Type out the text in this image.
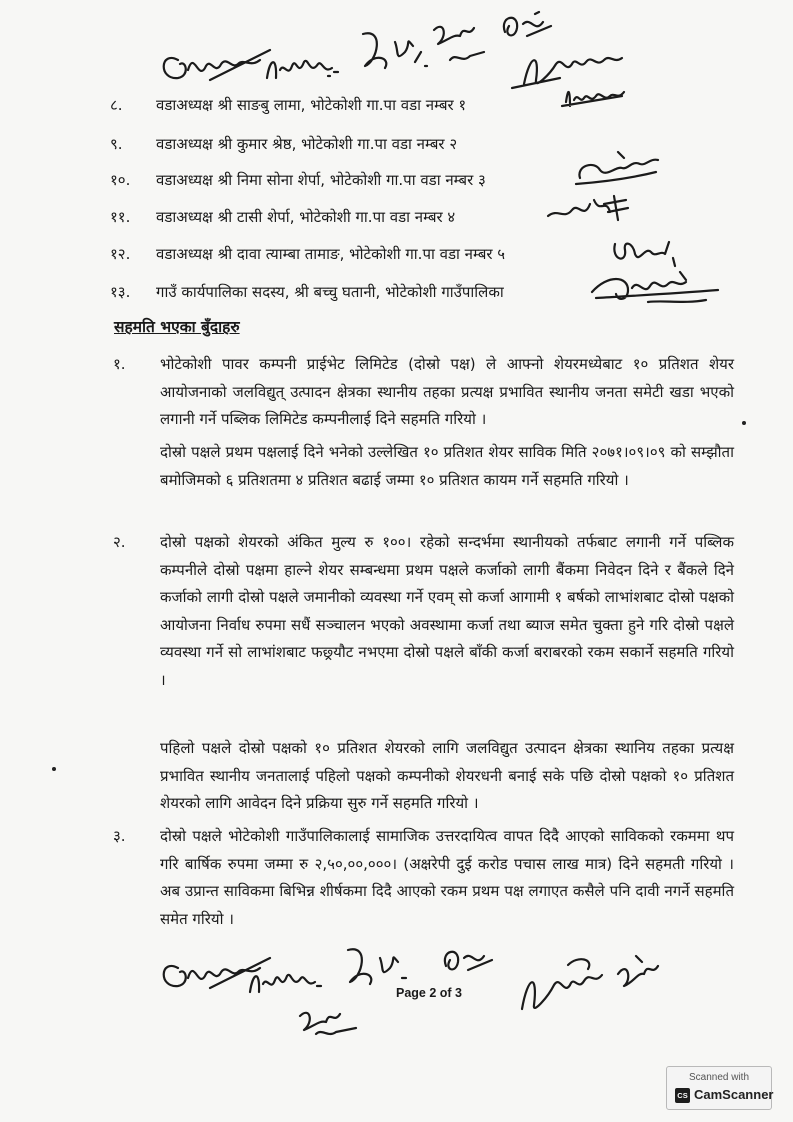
८. वडाअध्यक्ष श्री साङबु लामा, भोटेकोशी गा.पा वडा नम्बर १
९. वडाअध्यक्ष श्री कुमार श्रेष्ठ, भोटेकोशी गा.पा वडा नम्बर २
१०. वडाअध्यक्ष श्री निमा सोना शेर्पा, भोटेकोशी गा.पा वडा नम्बर ३
११. वडाअध्यक्ष श्री टासी शेर्पा, भोटेकोशी गा.पा वडा नम्बर ४
१२. वडाअध्यक्ष श्री दावा त्याम्बा तामाङ, भोटेकोशी गा.पा वडा नम्बर ५
१३. गाउँ कार्यपालिका सदस्य, श्री बच्चु घतानी, भोटेकोशी गाउँपालिका
सहमति भएका बुँदाहरु
१. भोटेकोशी पावर कम्पनी प्राईभेट लिमिटेड (दोस्रो पक्ष) ले आफ्नो शेयरमध्येबाट १० प्रतिशत शेयर आयोजनाको जलविद्युत् उत्पादन क्षेत्रका स्थानीय तहका प्रत्यक्ष प्रभावित स्थानीय जनता समेटी खडा भएको लगानी गर्ने पब्लिक लिमिटेड कम्पनीलाई दिने सहमति गरियो ।
दोस्रो पक्षले प्रथम पक्षलाई दिने भनेको उल्लेखित १० प्रतिशत शेयर साविक मिति २०७१।०९।०९ को सम्झौता बमोजिमको ६ प्रतिशतमा ४ प्रतिशत बढाई जम्मा १० प्रतिशत कायम गर्ने सहमति गरियो ।
२. दोस्रो पक्षको शेयरको अंकित मुल्य रु १००। रहेको सन्दर्भमा स्थानीयको तर्फबाट लगानी गर्ने पब्लिक कम्पनीले दोस्रो पक्षमा हाल्ने शेयर सम्बन्धमा प्रथम पक्षले कर्जाको लागी बैंकमा निवेदन दिने र बैंकले दिने कर्जाको लागी दोस्रो पक्षले जमानीको व्यवस्था गर्ने एवम् सो कर्जा आगामी १ बर्षको लाभांशबाट दोस्रो पक्षको आयोजना निर्वाध रुपमा सधैं सञ्चालन भएको अवस्थामा कर्जा तथा ब्याज समेत चुक्ता हुने गरि दोस्रो पक्षले व्यवस्था गर्ने सो लाभांशबाट फछ्र्यौट नभएमा दोस्रो पक्षले बाँकी कर्जा बराबरको रकम सकार्ने सहमति गरियो ।
पहिलो पक्षले दोस्रो पक्षको १० प्रतिशत शेयरको लागि जलविद्युत उत्पादन क्षेत्रका स्थानिय तहका प्रत्यक्ष प्रभावित स्थानीय जनतालाई पहिलो पक्षको कम्पनीको शेयरधनी बनाई सके पछि दोस्रो पक्षको १० प्रतिशत शेयरको लागि आवेदन दिने प्रक्रिया सुरु गर्ने सहमति गरियो ।
३. दोस्रो पक्षले भोटेकोशी गाउँपालिकालाई सामाजिक उत्तरदायित्व वापत दिदै आएको साविकको रकममा थप गरि बार्षिक रुपमा जम्मा रु २,५०,००,०००। (अक्षरेपी दुई करोड पचास लाख मात्र) दिने सहमती गरियो । अब उप्रान्त साविकमा बिभिन्न शीर्षकमा दिदै आएको रकम प्रथम पक्ष लगाएत कसैले पनि दावी नगर्ने सहमति समेत गरियो ।
Page 2 of 3
Scanned with
CS CamScanner
